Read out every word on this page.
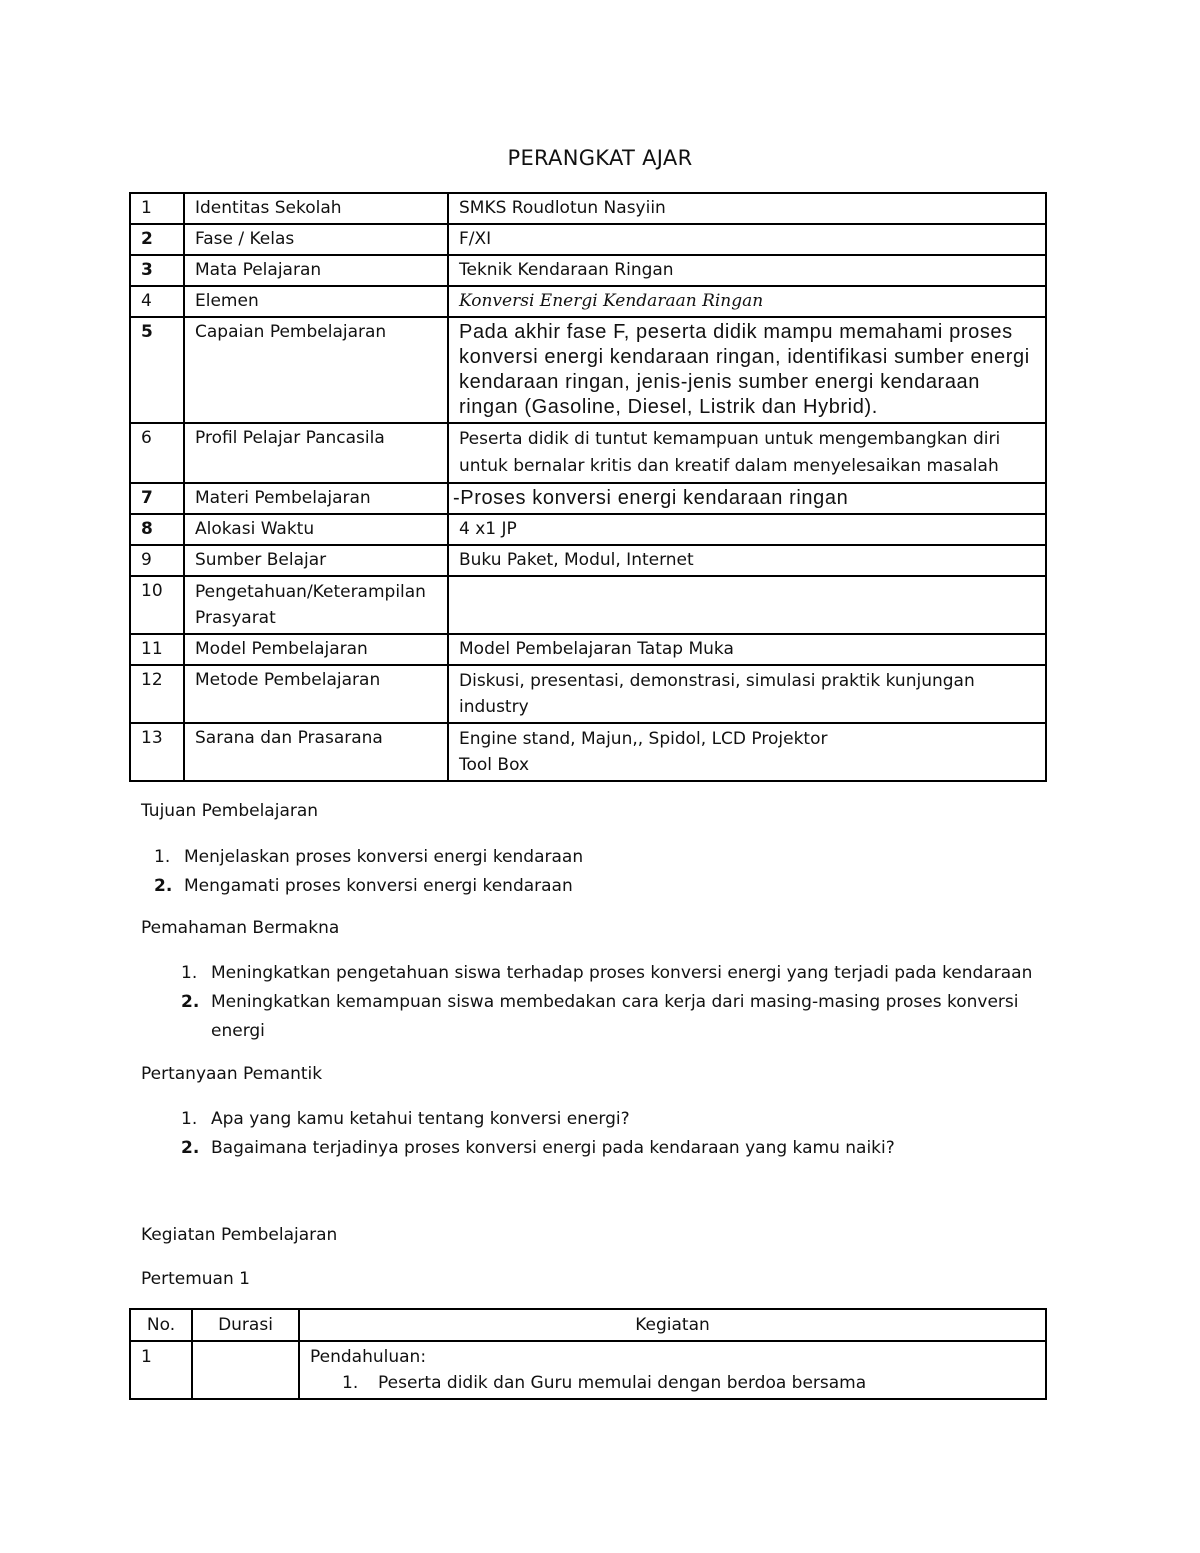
PERANGKAT AJAR
1	Identitas Sekolah	SMKS Roudlotun Nasyiin
2	Fase / Kelas	F/XI
3	Mata Pelajaran	Teknik Kendaraan Ringan
4	Elemen	Konversi Energi Kendaraan Ringan
5	Capaian Pembelajaran	Pada akhir fase F, peserta didik mampu memahami proses konversi energi kendaraan ringan, identifikasi sumber energi kendaraan ringan, jenis-jenis sumber energi kendaraan ringan (Gasoline, Diesel, Listrik dan Hybrid).
6	Profil Pelajar Pancasila	Peserta didik di tuntut kemampuan untuk mengembangkan diri untuk bernalar kritis dan kreatif dalam menyelesaikan masalah
7	Materi Pembelajaran	-Proses konversi energi kendaraan ringan
8	Alokasi Waktu	4 x1 JP
9	Sumber Belajar	Buku Paket, Modul, Internet
10	Pengetahuan/Keterampilan Prasyarat	
11	Model Pembelajaran	Model Pembelajaran Tatap Muka
12	Metode Pembelajaran	Diskusi, presentasi, demonstrasi, simulasi praktik kunjungan industry
13	Sarana dan Prasarana	Engine stand, Majun,, Spidol, LCD Projektor
Tool Box
Tujuan Pembelajaran
1. Menjelaskan proses konversi energi kendaraan
2. Mengamati proses konversi energi kendaraan
Pemahaman Bermakna
1. Meningkatkan pengetahuan siswa terhadap proses konversi energi yang terjadi pada kendaraan
2. Meningkatkan kemampuan siswa membedakan cara kerja dari masing-masing proses konversi energi
Pertanyaan Pemantik
1. Apa yang kamu ketahui tentang konversi energi?
2. Bagaimana terjadinya proses konversi energi pada kendaraan yang kamu naiki?
Kegiatan Pembelajaran
Pertemuan 1
No.	Durasi	Kegiatan
1		Pendahuluan:
1. Peserta didik dan Guru memulai dengan berdoa bersama
